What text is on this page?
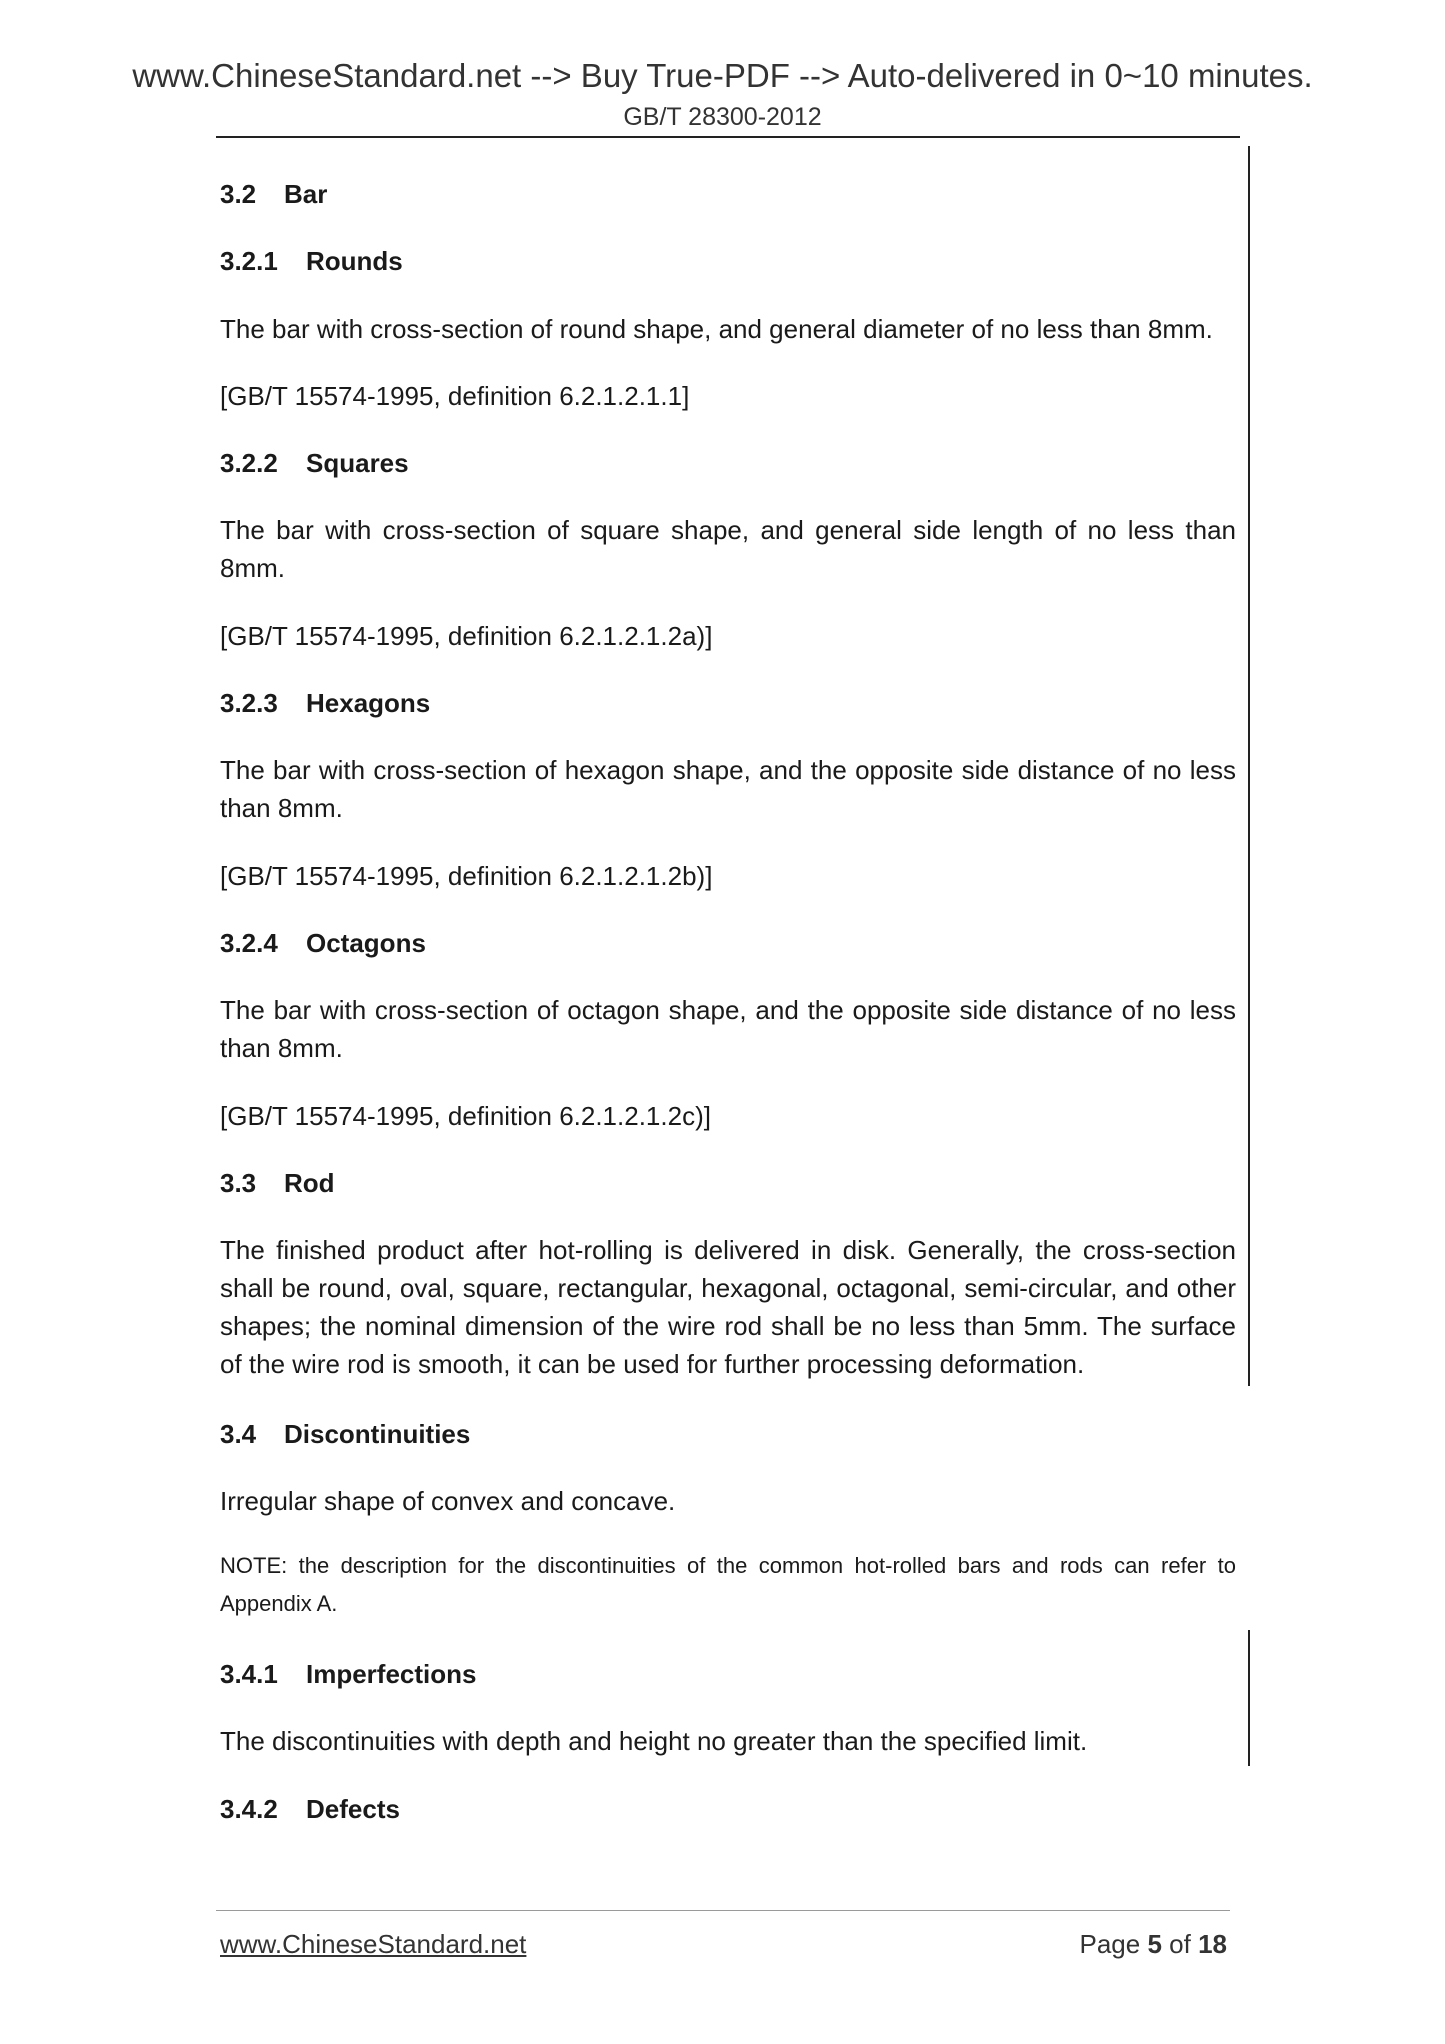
www.ChineseStandard.net --> Buy True-PDF --> Auto-delivered in 0~10 minutes.
GB/T 28300-2012
3.2 Bar
3.2.1 Rounds
The bar with cross-section of round shape, and general diameter of no less than 8mm.
[GB/T 15574-1995, definition 6.2.1.2.1.1]
3.2.2 Squares
The bar with cross-section of square shape, and general side length of no less than 8mm.
[GB/T 15574-1995, definition 6.2.1.2.1.2a)]
3.2.3 Hexagons
The bar with cross-section of hexagon shape, and the opposite side distance of no less than 8mm.
[GB/T 15574-1995, definition 6.2.1.2.1.2b)]
3.2.4 Octagons
The bar with cross-section of octagon shape, and the opposite side distance of no less than 8mm.
[GB/T 15574-1995, definition 6.2.1.2.1.2c)]
3.3 Rod
The finished product after hot-rolling is delivered in disk. Generally, the cross-section shall be round, oval, square, rectangular, hexagonal, octagonal, semi-circular, and other shapes; the nominal dimension of the wire rod shall be no less than 5mm. The surface of the wire rod is smooth, it can be used for further processing deformation.
3.4 Discontinuities
Irregular shape of convex and concave.
NOTE: the description for the discontinuities of the common hot-rolled bars and rods can refer to Appendix A.
3.4.1 Imperfections
The discontinuities with depth and height no greater than the specified limit.
3.4.2 Defects
www.ChineseStandard.net	Page 5 of 18
